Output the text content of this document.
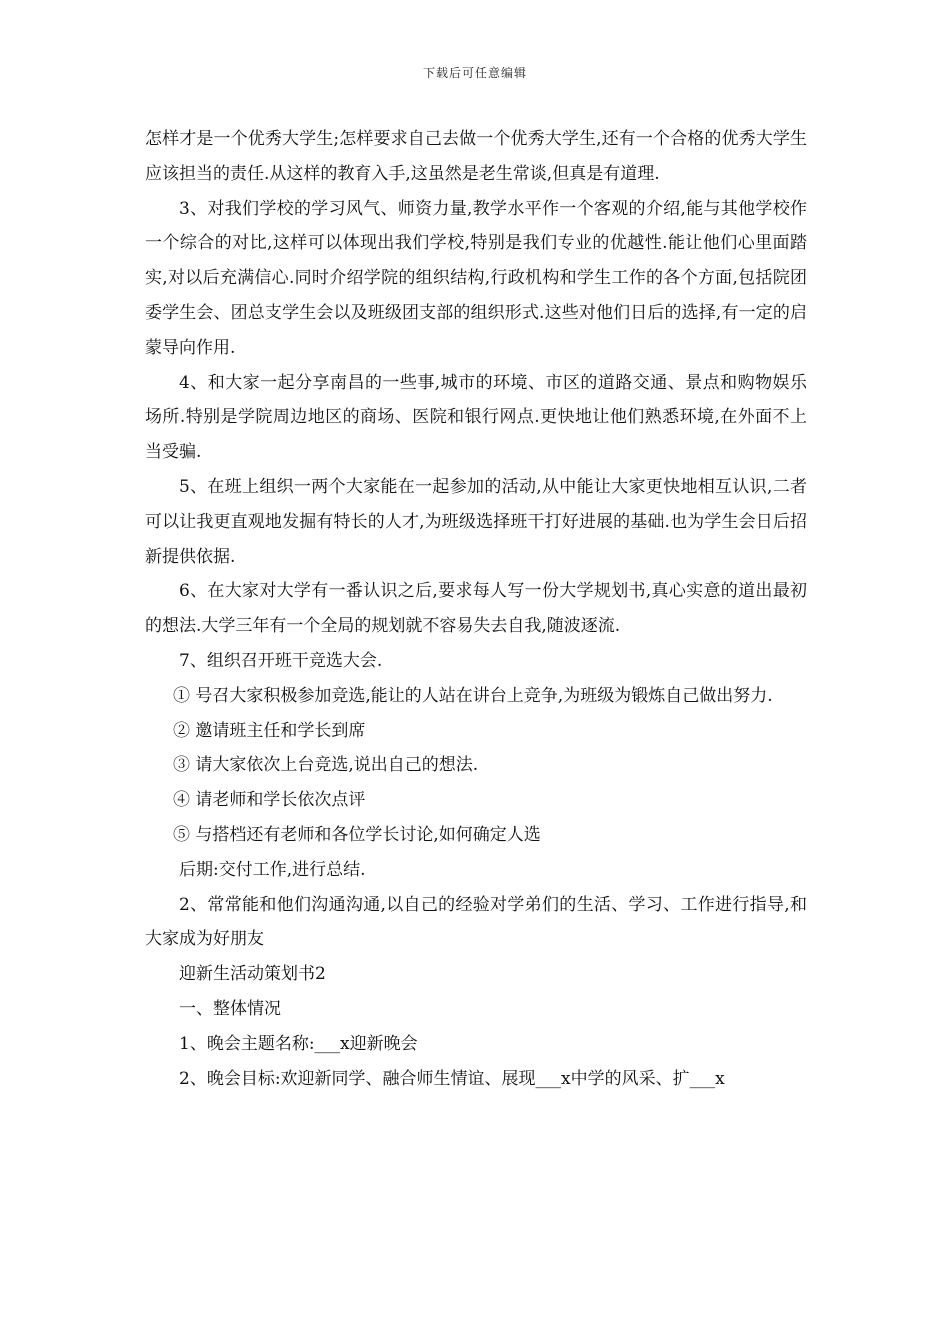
下载后可任意编辑

怎样才是一个优秀大学生;怎样要求自己去做一个优秀大学生,还有一个合格的优秀大学生应该担当的责任.从这样的教育入手,这虽然是老生常谈,但真是有道理.

3、对我们学校的学习风气、师资力量,教学水平作一个客观的介绍,能与其他学校作一个综合的对比,这样可以体现出我们学校,特别是我们专业的优越性.能让他们心里面踏实,对以后充满信心.同时介绍学院的组织结构,行政机构和学生工作的各个方面,包括院团委学生会、团总支学生会以及班级团支部的组织形式.这些对他们日后的选择,有一定的启蒙导向作用.

4、和大家一起分享南昌的一些事,城市的环境、市区的道路交通、景点和购物娱乐场所.特别是学院周边地区的商场、医院和银行网点.更快地让他们熟悉环境,在外面不上当受骗.

5、在班上组织一两个大家能在一起参加的活动,从中能让大家更快地相互认识,二者可以让我更直观地发掘有特长的人才,为班级选择班干打好进展的基础.也为学生会日后招新提供依据.

6、在大家对大学有一番认识之后,要求每人写一份大学规划书,真心实意的道出最初的想法.大学三年有一个全局的规划就不容易失去自我,随波逐流.

7、组织召开班干竞选大会.

① 号召大家积极参加竞选,能让的人站在讲台上竞争,为班级为锻炼自己做出努力.

② 邀请班主任和学长到席

③ 请大家依次上台竞选,说出自己的想法.

④ 请老师和学长依次点评

⑤ 与搭档还有老师和各位学长讨论,如何确定人选

后期:交付工作,进行总结.

2、常常能和他们沟通沟通,以自己的经验对学弟们的生活、学习、工作进行指导,和大家成为好朋友

迎新生活动策划书2

一、整体情况

1、晚会主题名称:___x迎新晚会

2、晚会目标:欢迎新同学、融合师生情谊、展现___x中学的风采、扩___x
